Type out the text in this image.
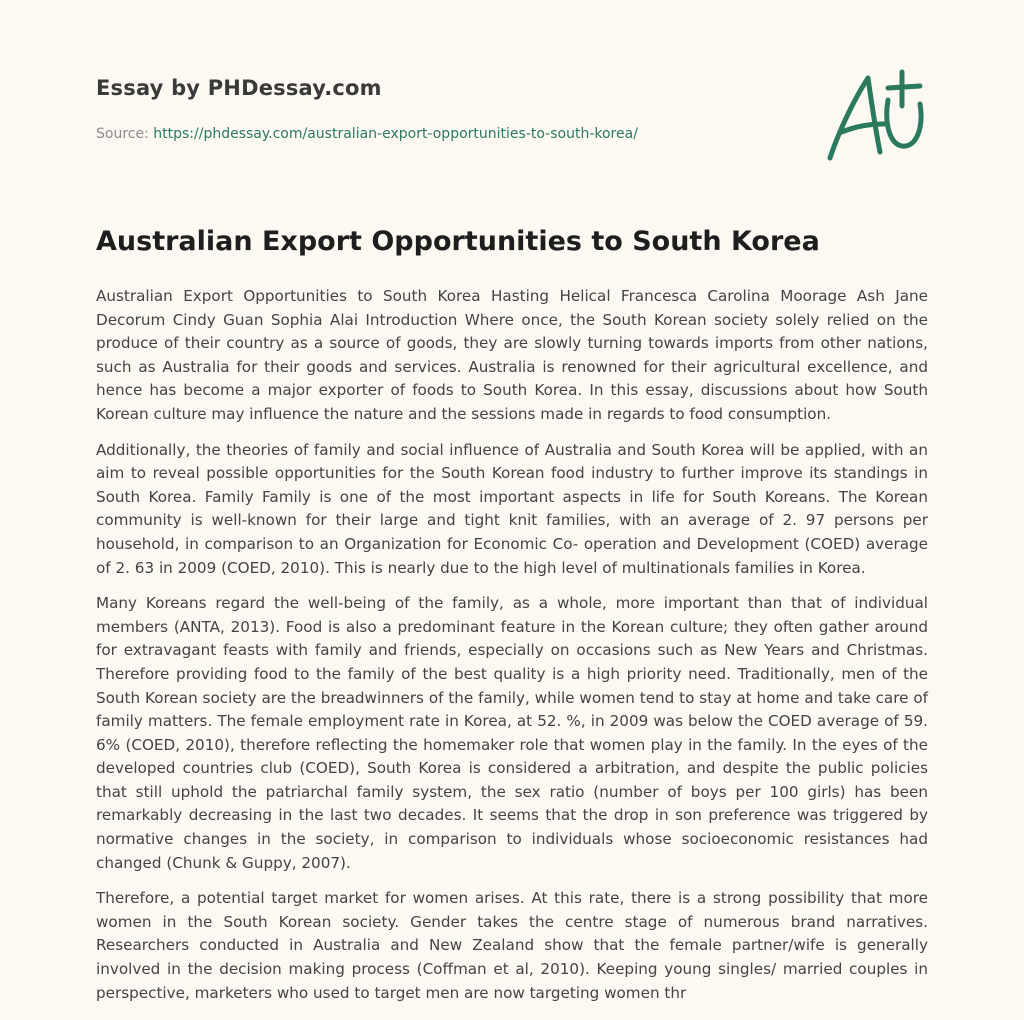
Essay by PHDessay.com
Source: https://phdessay.com/australian-export-opportunities-to-south-korea/
Australian Export Opportunities to South Korea

Australian Export Opportunities to South Korea Hasting Helical Francesca Carolina Moorage Ash Jane Decorum Cindy Guan Sophia Alai Introduction Where once, the South Korean society solely relied on the produce of their country as a source of goods, they are slowly turning towards imports from other nations, such as Australia for their goods and services. Australia is renowned for their agricultural excellence, and hence has become a major exporter of foods to South Korea. In this essay, discussions about how South Korean culture may influence the nature and the sessions made in regards to food consumption.

Additionally, the theories of family and social influence of Australia and South Korea will be applied, with an aim to reveal possible opportunities for the South Korean food industry to further improve its standings in South Korea. Family Family is one of the most important aspects in life for South Koreans. The Korean community is well-known for their large and tight knit families, with an average of 2. 97 persons per household, in comparison to an Organization for Economic Co- operation and Development (COED) average of 2. 63 in 2009 (COED, 2010). This is nearly due to the high level of multinationals families in Korea.

Many Koreans regard the well-being of the family, as a whole, more important than that of individual members (ANTA, 2013). Food is also a predominant feature in the Korean culture; they often gather around for extravagant feasts with family and friends, especially on occasions such as New Years and Christmas. Therefore providing food to the family of the best quality is a high priority need. Traditionally, men of the South Korean society are the breadwinners of the family, while women tend to stay at home and take care of family matters. The female employment rate in Korea, at 52. %, in 2009 was below the COED average of 59. 6% (COED, 2010), therefore reflecting the homemaker role that women play in the family. In the eyes of the developed countries club (COED), South Korea is considered a arbitration, and despite the public policies that still uphold the patriarchal family system, the sex ratio (number of boys per 100 girls) has been remarkably decreasing in the last two decades. It seems that the drop in son preference was triggered by normative changes in the society, in comparison to individuals whose socioeconomic resistances had changed (Chunk & Guppy, 2007).

Therefore, a potential target market for women arises. At this rate, there is a strong possibility that more women in the South Korean society. Gender takes the centre stage of numerous brand narratives. Researchers conducted in Australia and New Zealand show that the female partner/wife is generally involved in the decision making process (Coffman et al, 2010). Keeping young singles/ married couples in perspective, marketers who used to target men are now targeting women thr
